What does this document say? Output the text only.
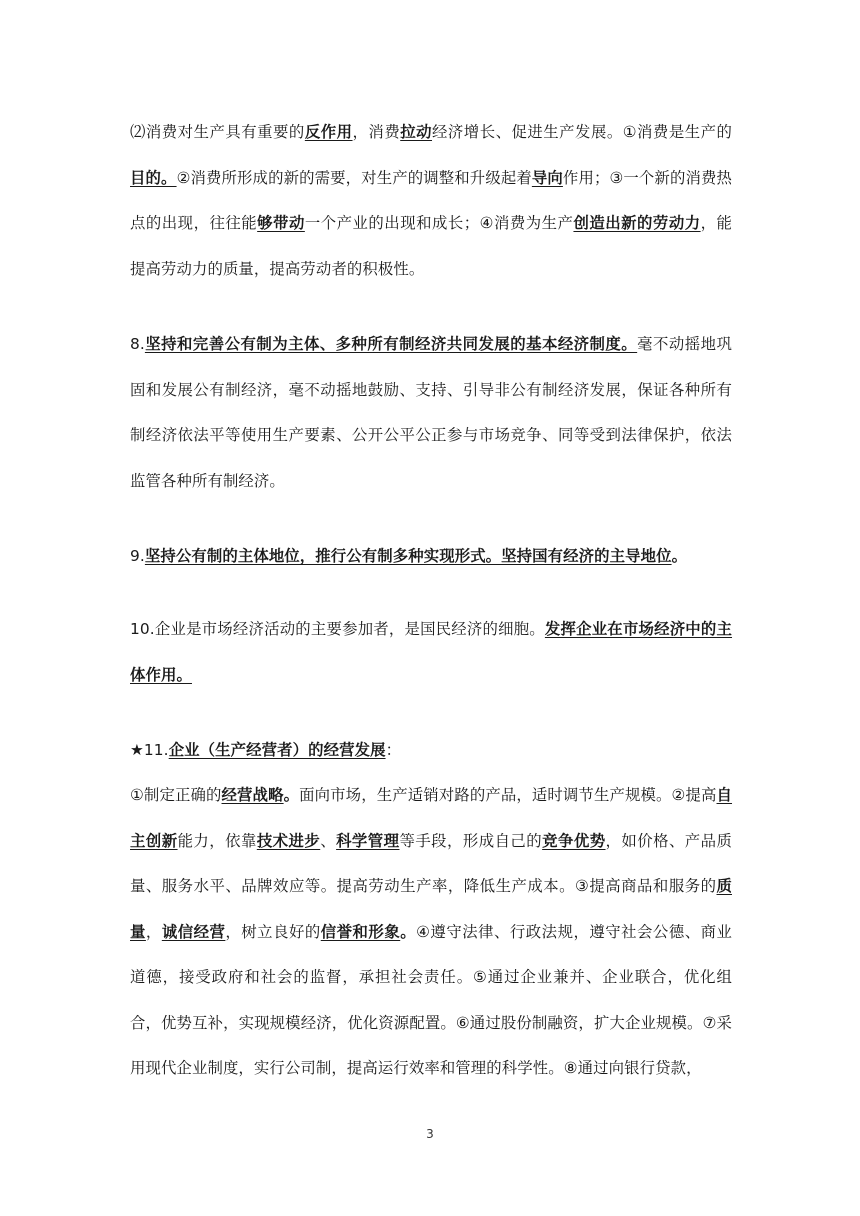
⑵消费对生产具有重要的反作用，消费拉动经济增长、促进生产发展。①消费是生产的目的。②消费所形成的新的需要，对生产的调整和升级起着导向作用；③一个新的消费热点的出现，往往能够带动一个产业的出现和成长；④消费为生产创造出新的劳动力，能提高劳动力的质量，提高劳动者的积极性。

8.坚持和完善公有制为主体、多种所有制经济共同发展的基本经济制度。毫不动摇地巩固和发展公有制经济，毫不动摇地鼓励、支持、引导非公有制经济发展，保证各种所有制经济依法平等使用生产要素、公开公平公正参与市场竞争、同等受到法律保护，依法监管各种所有制经济。

9.坚持公有制的主体地位，推行公有制多种实现形式。坚持国有经济的主导地位。

10.企业是市场经济活动的主要参加者，是国民经济的细胞。发挥企业在市场经济中的主体作用。

★11.企业（生产经营者）的经营发展：

①制定正确的经营战略。面向市场，生产适销对路的产品，适时调节生产规模。②提高自主创新能力，依靠技术进步、科学管理等手段，形成自己的竞争优势，如价格、产品质量、服务水平、品牌效应等。提高劳动生产率，降低生产成本。③提高商品和服务的质量，诚信经营，树立良好的信誉和形象。④遵守法律、行政法规，遵守社会公德、商业道德，接受政府和社会的监督，承担社会责任。⑤通过企业兼并、企业联合，优化组合，优势互补，实现规模经济，优化资源配置。⑥通过股份制融资，扩大企业规模。⑦采用现代企业制度，实行公司制，提高运行效率和管理的科学性。⑧通过向银行贷款，

3
